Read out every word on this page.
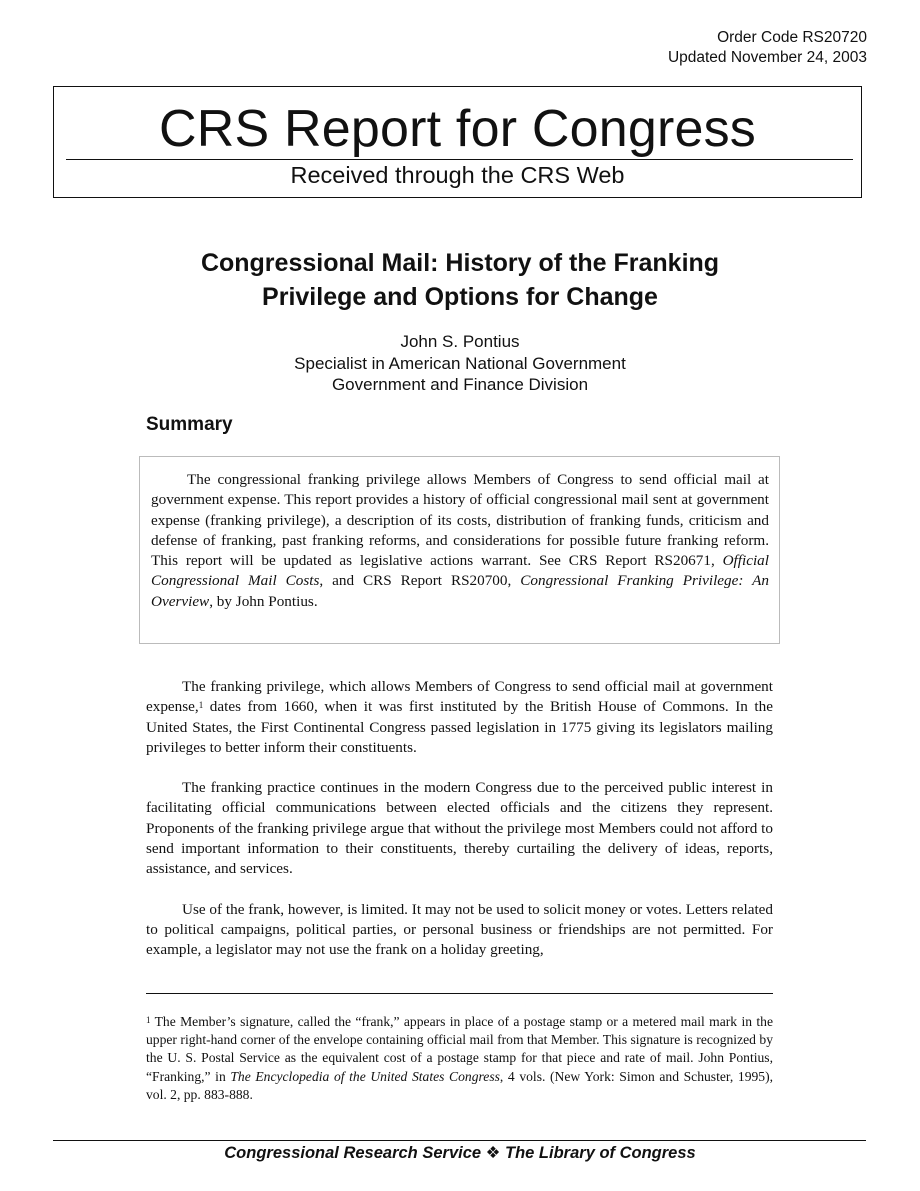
Order Code RS20720
Updated November 24, 2003
CRS Report for Congress
Received through the CRS Web
Congressional Mail: History of the Franking
Privilege and Options for Change
John S. Pontius
Specialist in American National Government
Government and Finance Division
Summary

The congressional franking privilege allows Members of Congress to send official mail at government expense. This report provides a history of official congressional mail sent at government expense (franking privilege), a description of its costs, distribution of franking funds, criticism and defense of franking, past franking reforms, and considerations for possible future franking reform. This report will be updated as legislative actions warrant. See CRS Report RS20671, Official Congressional Mail Costs, and CRS Report RS20700, Congressional Franking Privilege: An Overview, by John Pontius.

The franking privilege, which allows Members of Congress to send official mail at government expense,$^1$ dates from 1660, when it was first instituted by the British House of Commons. In the United States, the First Continental Congress passed legislation in 1775 giving its legislators mailing privileges to better inform their constituents.

The franking practice continues in the modern Congress due to the perceived public interest in facilitating official communications between elected officials and the citizens they represent. Proponents of the franking privilege argue that without the privilege most Members could not afford to send important information to their constituents, thereby curtailing the delivery of ideas, reports, assistance, and services.

Use of the frank, however, is limited. It may not be used to solicit money or votes. Letters related to political campaigns, political parties, or personal business or friendships are not permitted. For example, a legislator may not use the frank on a holiday greeting,

$^1$ The Member’s signature, called the “frank,” appears in place of a postage stamp or a metered mail mark in the upper right-hand corner of the envelope containing official mail from that Member. This signature is recognized by the U. S. Postal Service as the equivalent cost of a postage stamp for that piece and rate of mail. John Pontius, “Franking,” in The Encyclopedia of the United States Congress, 4 vols. (New York: Simon and Schuster, 1995), vol. 2, pp. 883-888.

Congressional Research Service ❖ The Library of Congress
